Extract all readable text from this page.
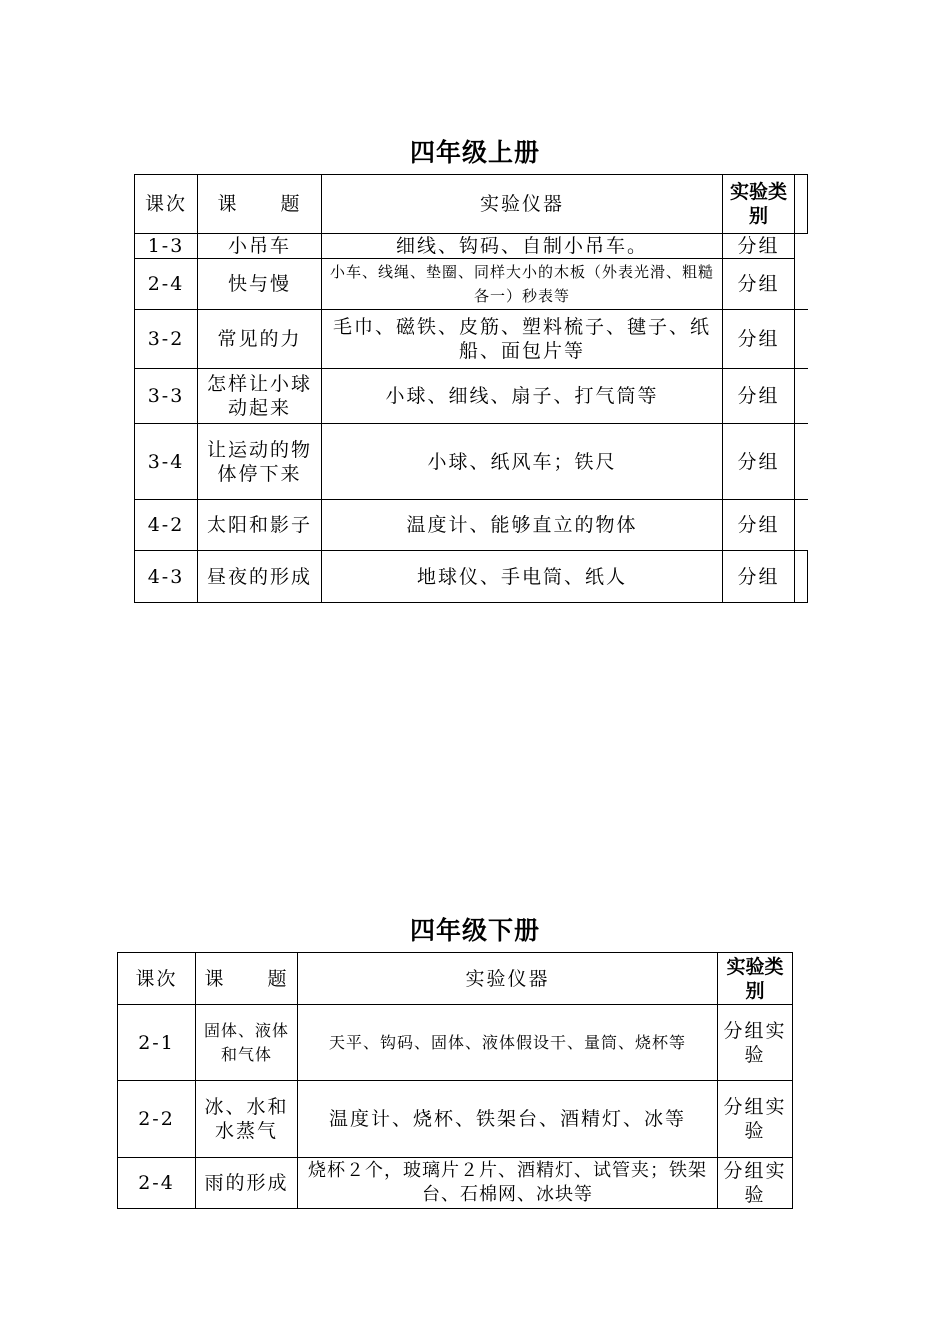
四年级上册
课次	课　　题	实验仪器	实验类别	
1-3	小吊车	细线、钩码、自制小吊车。	分组	
2-4	快与慢	小车、线绳、垫圈、同样大小的木板（外表光滑、粗糙各一）秒表等	分组	
3-2	常见的力	毛巾、磁铁、皮筋、塑料梳子、毽子、纸船、面包片等	分组	
3-3	怎样让小球动起来	小球、细线、扇子、打气筒等	分组	
3-4	让运动的物体停下来	小球、纸风车；铁尺	分组	
4-2	太阳和影子	温度计、能够直立的物体	分组	
4-3	昼夜的形成	地球仪、手电筒、纸人	分组	
四年级下册
课次	课　　题	实验仪器	实验类别
2-1	固体、液体和气体	天平、钩码、固体、液体假设干、量筒、烧杯等	分组实验
2-2	冰、水和水蒸气	温度计、烧杯、铁架台、酒精灯、冰等	分组实验
2-4	雨的形成	烧杯２个，玻璃片２片、酒精灯、试管夹；铁架台、石棉网、冰块等	分组实验
